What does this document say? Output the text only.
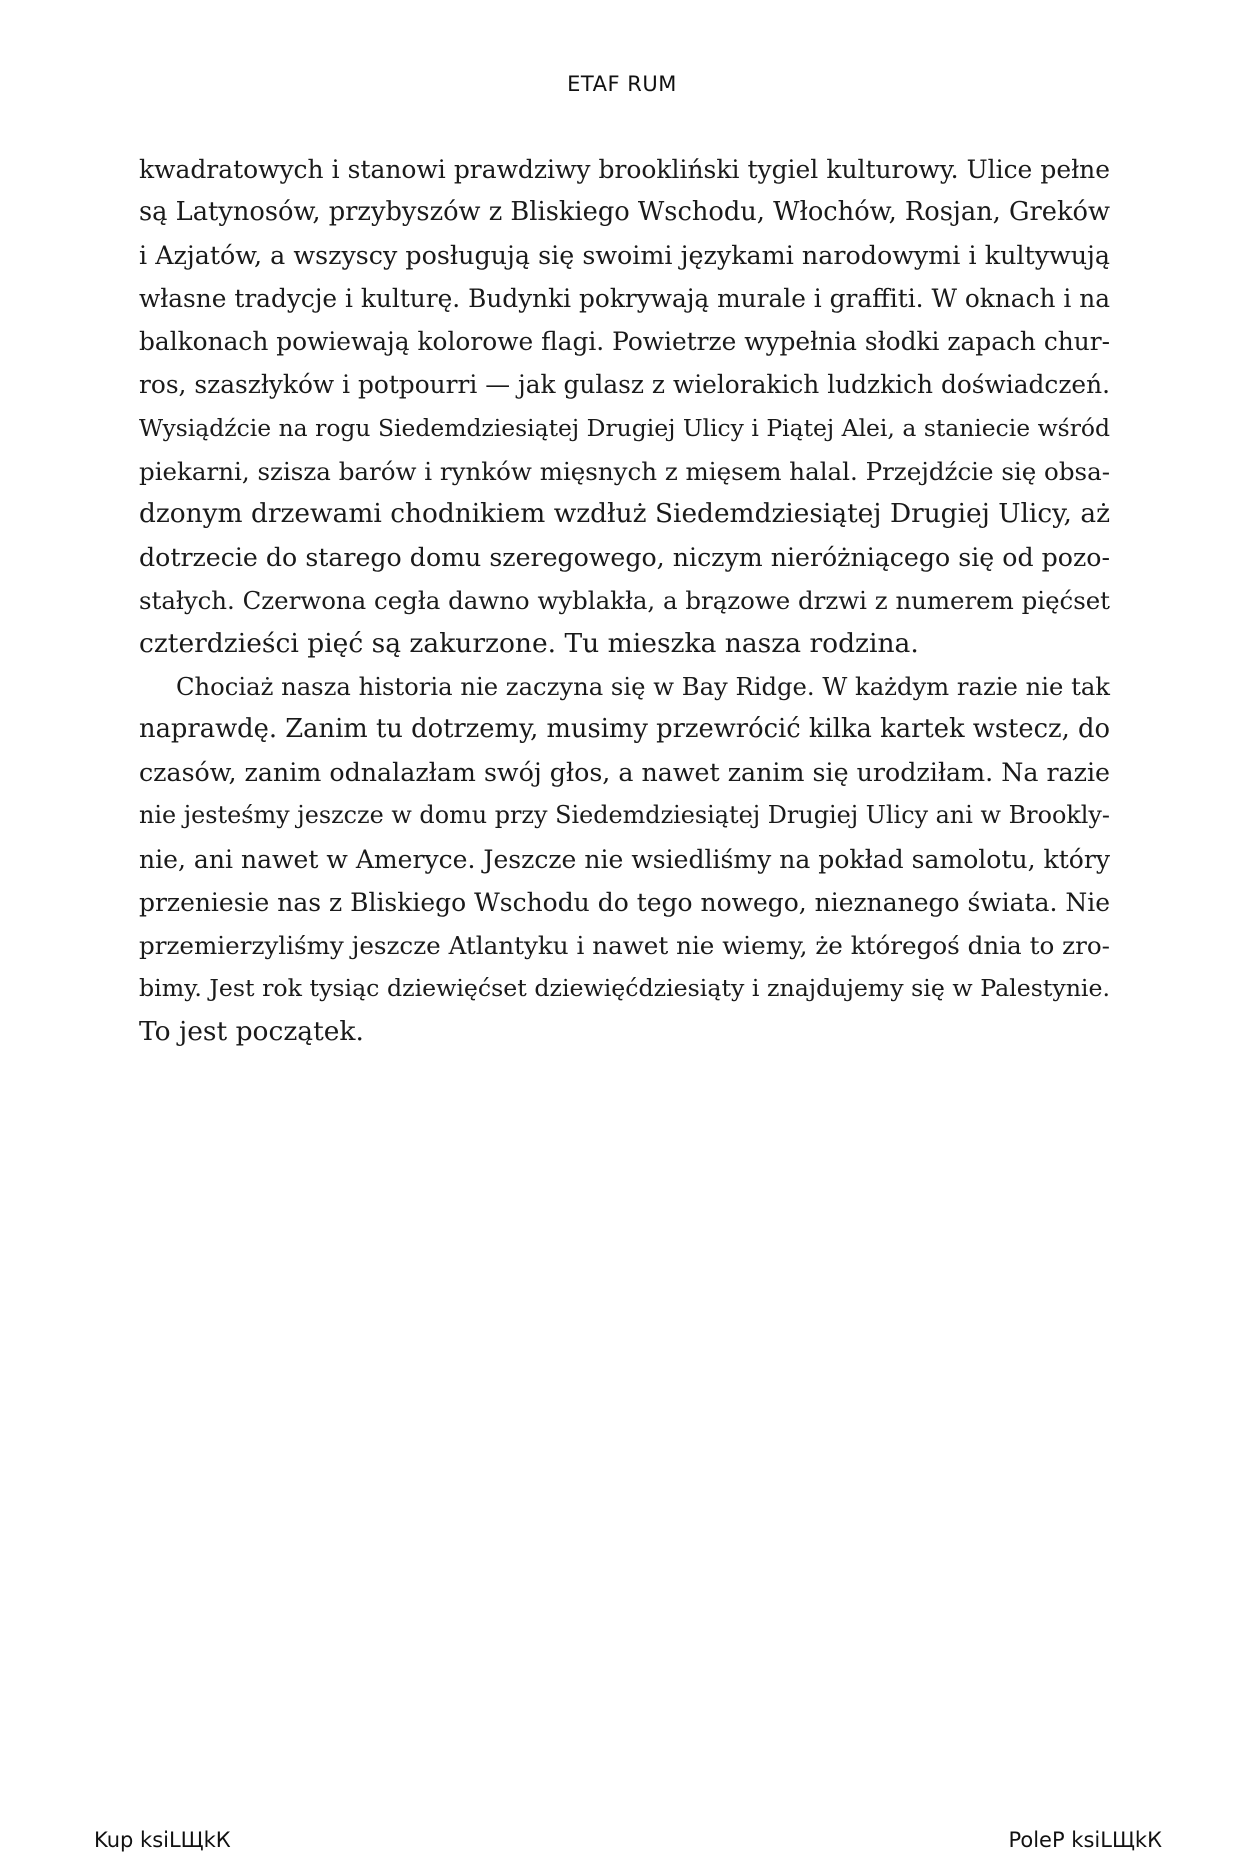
ETAF RUM

kwadratowych i stanowi prawdziwy brookliński tygiel kulturowy. Ulice pełne
są Latynosów, przybyszów z Bliskiego Wschodu, Włochów, Rosjan, Greków
i Azjatów, a wszyscy posługują się swoimi językami narodowymi i kultywują
własne tradycje i kulturę. Budynki pokrywają murale i graffiti. W oknach i na
balkonach powiewają kolorowe flagi. Powietrze wypełnia słodki zapach chur-
ros, szaszłyków i potpourri — jak gulasz z wielorakich ludzkich doświadczeń.
Wysiądźcie na rogu Siedemdziesiątej Drugiej Ulicy i Piątej Alei, a staniecie wśród
piekarni, szisza barów i rynków mięsnych z mięsem halal. Przejdźcie się obsa-
dzonym drzewami chodnikiem wzdłuż Siedemdziesiątej Drugiej Ulicy, aż
dotrzecie do starego domu szeregowego, niczym nieróżniącego się od pozo-
stałych. Czerwona cegła dawno wyblakła, a brązowe drzwi z numerem pięćset
czterdzieści pięć są zakurzone. Tu mieszka nasza rodzina.

Chociaż nasza historia nie zaczyna się w Bay Ridge. W każdym razie nie tak
naprawdę. Zanim tu dotrzemy, musimy przewrócić kilka kartek wstecz, do
czasów, zanim odnalazłam swój głos, a nawet zanim się urodziłam. Na razie
nie jesteśmy jeszcze w domu przy Siedemdziesiątej Drugiej Ulicy ani w Brookly-
nie, ani nawet w Ameryce. Jeszcze nie wsiedliśmy na pokład samolotu, który
przeniesie nas z Bliskiego Wschodu do tego nowego, nieznanego świata. Nie
przemierzyliśmy jeszcze Atlantyku i nawet nie wiemy, że któregoś dnia to zro-
bimy. Jest rok tysiąc dziewięćset dziewięćdziesiąty i znajdujemy się w Palestynie.
To jest początek.

Kup ksiLЩkК	PoleP ksiLЩkК
